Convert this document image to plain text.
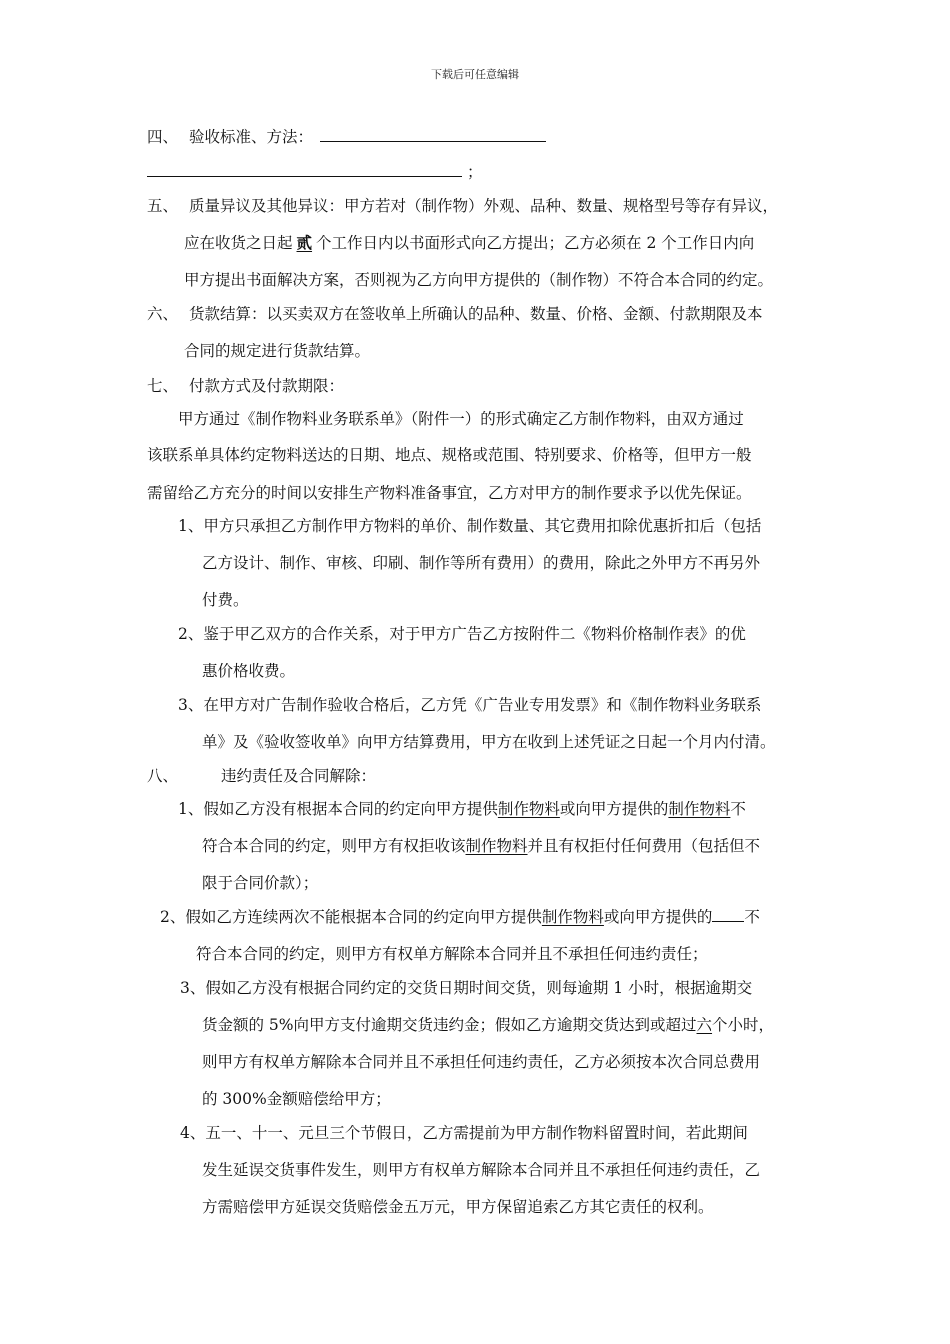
下载后可任意编辑
四、 验收标准、方法：
；
五、 质量异议及其他异议：甲方若对（制作物）外观、品种、数量、规格型号等存有异议，
应在收货之日起 贰 个工作日内以书面形式向乙方提出；乙方必须在 2 个工作日内向
甲方提出书面解决方案，否则视为乙方向甲方提供的（制作物）不符合本合同的约定。
六、 货款结算：以买卖双方在签收单上所确认的品种、数量、价格、金额、付款期限及本
合同的规定进行货款结算。
七、 付款方式及付款期限：
甲方通过《制作物料业务联系单》（附件一）的形式确定乙方制作物料，由双方通过
该联系单具体约定物料送达的日期、地点、规格或范围、特别要求、价格等，但甲方一般
需留给乙方充分的时间以安排生产物料准备事宜，乙方对甲方的制作要求予以优先保证。
1、甲方只承担乙方制作甲方物料的单价、制作数量、其它费用扣除优惠折扣后（包括
乙方设计、制作、审核、印刷、制作等所有费用）的费用，除此之外甲方不再另外
付费。
2、鉴于甲乙双方的合作关系，对于甲方广告乙方按附件二《物料价格制作表》的优
惠价格收费。
3、在甲方对广告制作验收合格后，乙方凭《广告业专用发票》和《制作物料业务联系
单》及《验收签收单》向甲方结算费用，甲方在收到上述凭证之日起一个月内付清。
八、	违约责任及合同解除：
1、假如乙方没有根据本合同的约定向甲方提供制作物料或向甲方提供的制作物料不
符合本合同的约定，则甲方有权拒收该制作物料并且有权拒付任何费用（包括但不
限于合同价款）；
2、假如乙方连续两次不能根据本合同的约定向甲方提供制作物料或向甲方提供的 不
符合本合同的约定，则甲方有权单方解除本合同并且不承担任何违约责任；
3、假如乙方没有根据合同约定的交货日期时间交货，则每逾期 1 小时，根据逾期交
货金额的 5%向甲方支付逾期交货违约金；假如乙方逾期交货达到或超过六个小时，
则甲方有权单方解除本合同并且不承担任何违约责任，乙方必须按本次合同总费用
的 300%金额赔偿给甲方；
4、五一、十一、元旦三个节假日，乙方需提前为甲方制作物料留置时间，若此期间
发生延误交货事件发生，则甲方有权单方解除本合同并且不承担任何违约责任，乙
方需赔偿甲方延误交货赔偿金五万元，甲方保留追索乙方其它责任的权利。
